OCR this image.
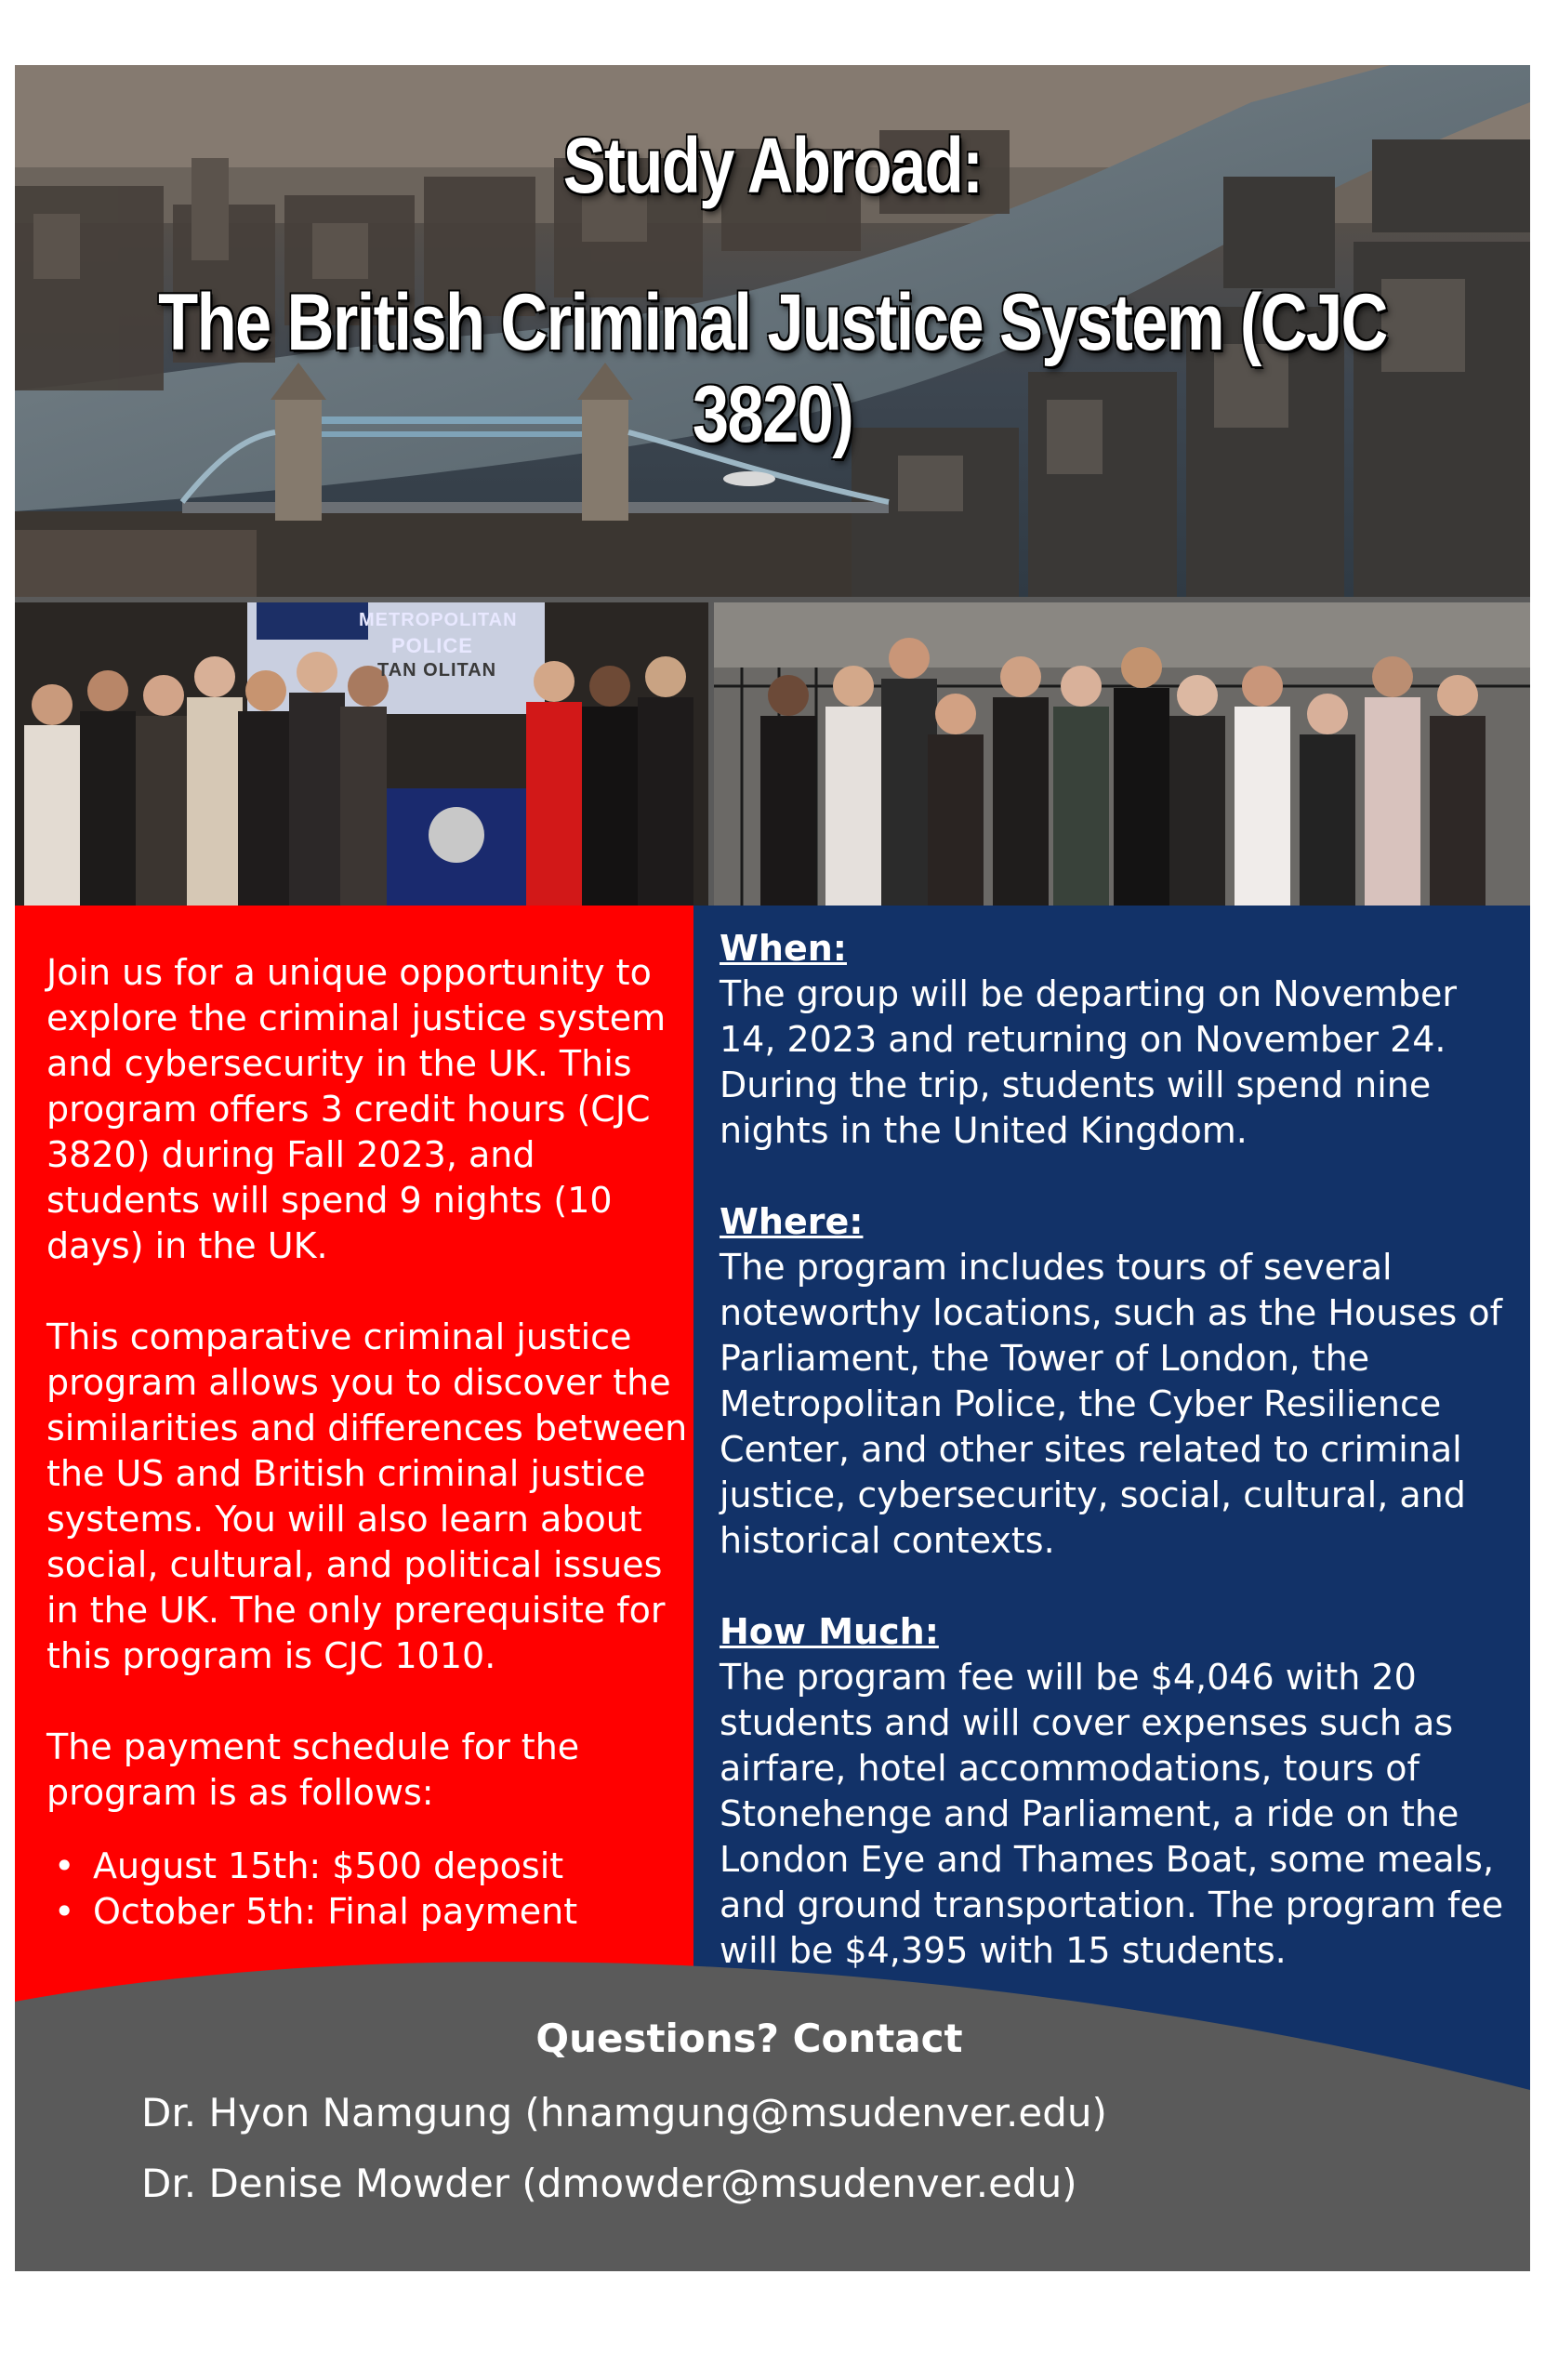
Study Abroad:
The British Criminal Justice System (CJC 3820)
METROPOLITAN
POLICE
TAN OLITAN

Join us for a unique opportunity to explore the criminal justice system and cybersecurity in the UK. This program offers 3 credit hours (CJC 3820) during Fall 2023, and students will spend 9 nights (10 days) in the UK.

This comparative criminal justice program allows you to discover the similarities and differences between the US and British criminal justice systems. You will also learn about social, cultural, and political issues in the UK. The only prerequisite for this program is CJC 1010.

The payment schedule for the program is as follows:

• August 15th: $500 deposit
• October 5th: Final payment
When:
The group will be departing on November 14, 2023 and returning on November 24. During the trip, students will spend nine nights in the United Kingdom.
Where:
The program includes tours of several noteworthy locations, such as the Houses of Parliament, the Tower of London, the Metropolitan Police, the Cyber Resilience Center, and other sites related to criminal justice, cybersecurity, social, cultural, and historical contexts.
How Much:
The program fee will be $4,046 with 20 students and will cover expenses such as airfare, hotel accommodations, tours of Stonehenge and Parliament, a ride on the London Eye and Thames Boat, some meals, and ground transportation. The program fee will be $4,395 with 15 students.
Questions? Contact
Dr. Hyon Namgung (hnamgung@msudenver.edu)
Dr. Denise Mowder (dmowder@msudenver.edu)
